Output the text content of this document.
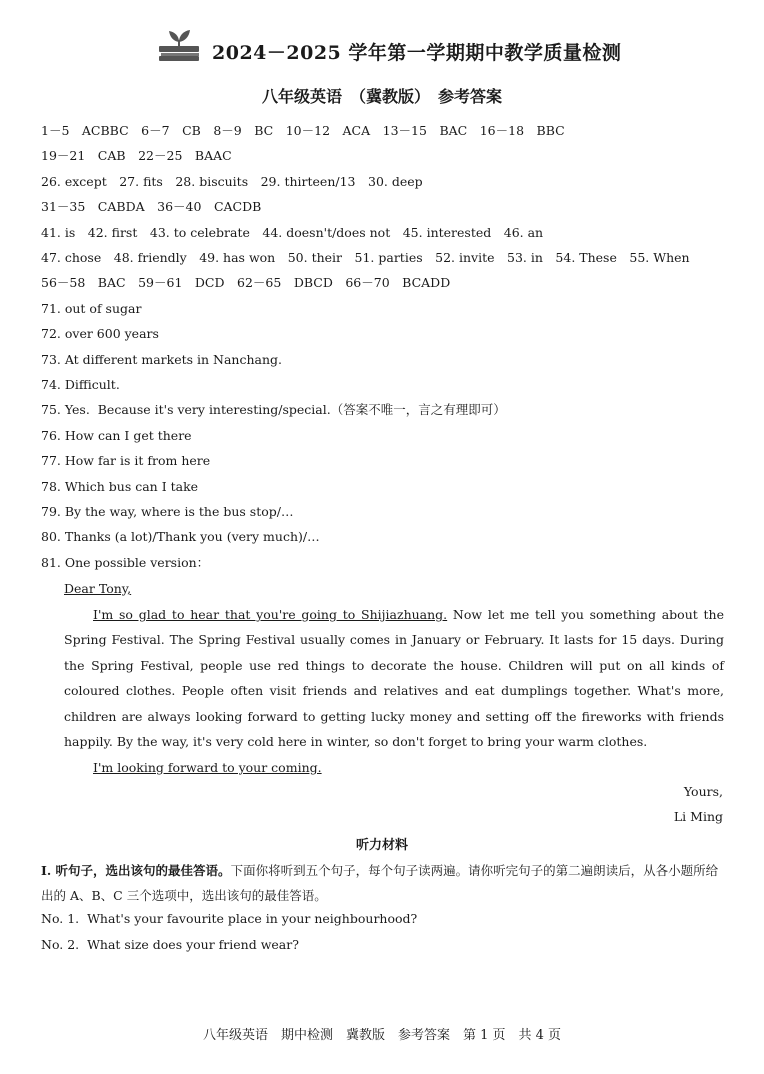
2024－2025 学年第一学期期中教学质量检测
八年级英语　（冀教版）　参考答案
1－5　ACBBC　6－7　CB　8－9　BC　10－12　ACA　13－15　BAC　16－18　BBC
19－21　CAB　22－25　BAAC
26. except　27. fits　28. biscuits　29. thirteen/13　30. deep
31－35　CABDA　36－40　CACDB
41. is　42. first　43. to celebrate　44. doesn't/does not　45. interested　46. an
47. chose　48. friendly　49. has won　50. their　51. parties　52. invite　53. in　54. These　55. When
56－58　BAC　59－61　DCD　62－65　DBCD　66－70　BCADD
71. out of sugar
72. over 600 years
73. At different markets in Nanchang.
74. Difficult.
75. Yes.  Because it's very interesting/special.（答案不唯一，言之有理即可）
76. How can I get there
77. How far is it from here
78. Which bus can I take
79. By the way, where is the bus stop/…
80. Thanks (a lot)/Thank you (very much)/…
81. One possible version：
Dear Tony,
I'm so glad to hear that you're going to Shijiazhuang. Now let me tell you something about the Spring Festival. The Spring Festival usually comes in January or February. It lasts for 15 days. During the Spring Festival, people use red things to decorate the house. Children will put on all kinds of coloured clothes. People often visit friends and relatives and eat dumplings together. What's more, children are always looking forward to getting lucky money and setting off the fireworks with friends happily. By the way, it's very cold here in winter, so don't forget to bring your warm clothes.
I'm looking forward to your coming.
Yours,
Li Ming
听力材料
Ⅰ. 听句子，选出该句的最佳答语。下面你将听到五个句子，每个句子读两遍。请你听完句子的第二遍朗读后，从各小题所给出的 A、B、C 三个选项中，选出该句的最佳答语。
No. 1.  What's your favourite place in your neighbourhood?
No. 2.  What size does your friend wear?
八年级英语　期中检测　冀教版　参考答案　第 1 页　共 4 页
